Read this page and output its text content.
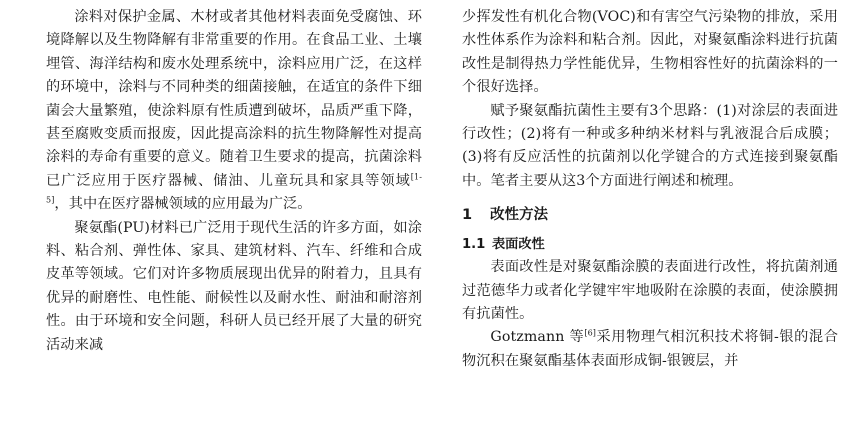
涂料对保护金属、木材或者其他材料表面免受腐蚀、环境降解以及生物降解有非常重要的作用。在食品工业、土壤埋管、海洋结构和废水处理系统中，涂料应用广泛，在这样的环境中，涂料与不同种类的细菌接触，在适宜的条件下细菌会大量繁殖，使涂料原有性质遭到破坏，品质严重下降，甚至腐败变质而报废，因此提高涂料的抗生物降解性对提高涂料的寿命有重要的意义。随着卫生要求的提高，抗菌涂料已广泛应用于医疗器械、储油、儿童玩具和家具等领域[1-5]，其中在医疗器械领域的应用最为广泛。

聚氨酯(PU)材料已广泛用于现代生活的许多方面，如涂料、粘合剂、弹性体、家具、建筑材料、汽车、纤维和合成皮革等领域。它们对许多物质展现出优异的附着力，且具有优异的耐磨性、电性能、耐候性以及耐水性、耐油和耐溶剂性。由于环境和安全问题，科研人员已经开展了大量的研究活动来减

少挥发性有机化合物(VOC)和有害空气污染物的排放，采用水性体系作为涂料和粘合剂。因此，对聚氨酯涂料进行抗菌改性是制得热力学性能优异，生物相容性好的抗菌涂料的一个很好选择。

赋予聚氨酯抗菌性主要有3个思路：(1)对涂层的表面进行改性；(2)将有一种或多种纳米材料与乳液混合后成膜；(3)将有反应活性的抗菌剂以化学键合的方式连接到聚氨酯中。笔者主要从这3个方面进行阐述和梳理。

1 改性方法
1.1 表面改性

表面改性是对聚氨酯涂膜的表面进行改性，将抗菌剂通过范德华力或者化学键牢牢地吸附在涂膜的表面，使涂膜拥有抗菌性。

Gotzmann 等[6]采用物理气相沉积技术将铜-银的混合物沉积在聚氨酯基体表面形成铜-银镀层，并
